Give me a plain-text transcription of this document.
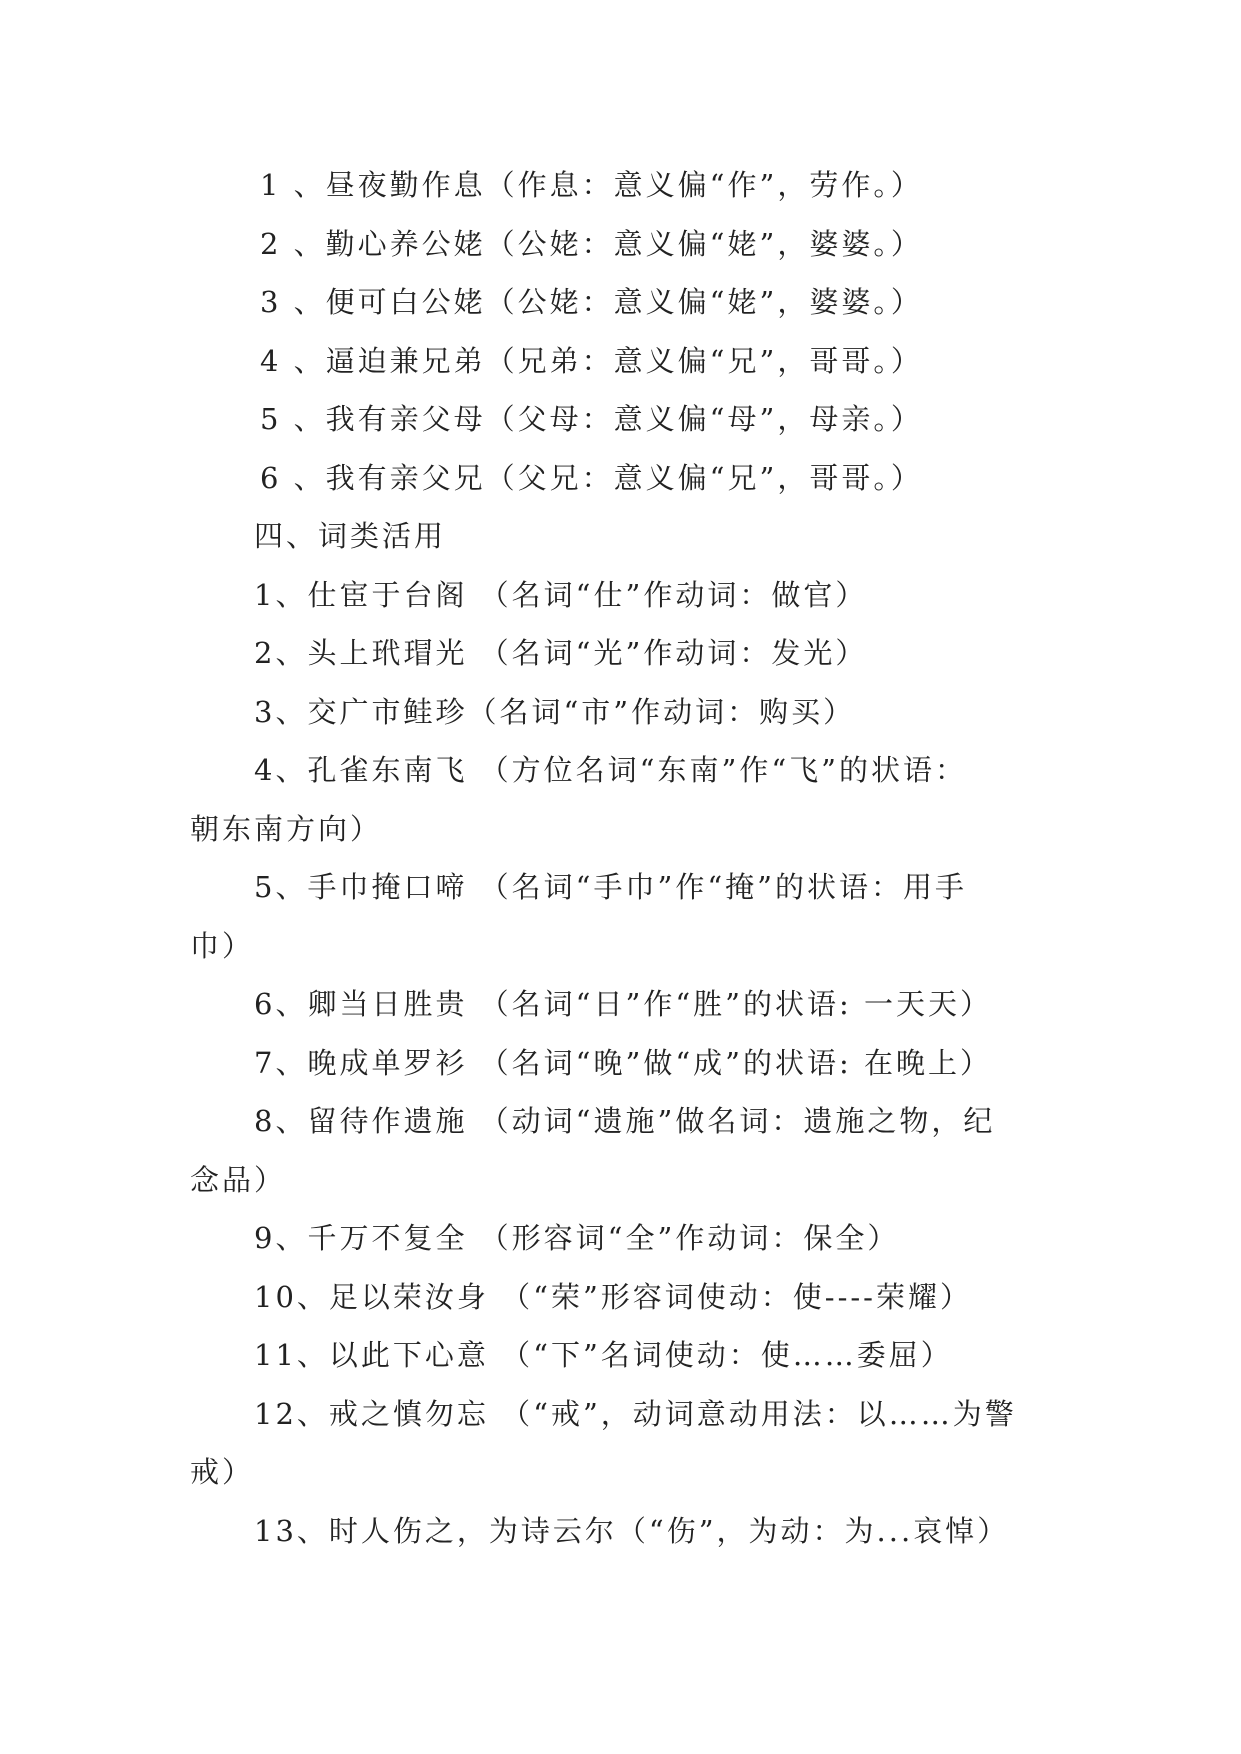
1 、昼夜勤作息（作息：意义偏“作”，劳作。）
2 、勤心养公姥（公姥：意义偏“姥”，婆婆。）
3 、便可白公姥（公姥：意义偏“姥”，婆婆。）
4 、逼迫兼兄弟（兄弟：意义偏“兄”，哥哥。）
5 、我有亲父母（父母：意义偏“母”，母亲。）
6 、我有亲父兄（父兄：意义偏“兄”，哥哥。）
四、词类活用
1、仕宦于台阁 （名词“仕”作动词：做官）
2、头上玳瑁光 （名词“光”作动词：发光）
3、交广市鲑珍（名词“市”作动词：购买）
4、孔雀东南飞 （方位名词“东南”作“飞”的状语：
朝东南方向）
5、手巾掩口啼 （名词“手巾”作“掩”的状语：用手
巾）
6、卿当日胜贵 （名词“日”作“胜”的状语: 一天天）
7、晚成单罗衫 （名词“晚”做“成”的状语: 在晚上）
8、留待作遗施 （动词“遗施”做名词：遗施之物，纪
念品）
9、千万不复全 （形容词“全”作动词：保全）
10、足以荣汝身 （“荣”形容词使动：使----荣耀）
11、以此下心意 （“下”名词使动：使……委屈）
12、戒之慎勿忘 （“戒”，动词意动用法：以……为警
戒）
13、时人伤之，为诗云尔（“伤”，为动：为...哀悼）
